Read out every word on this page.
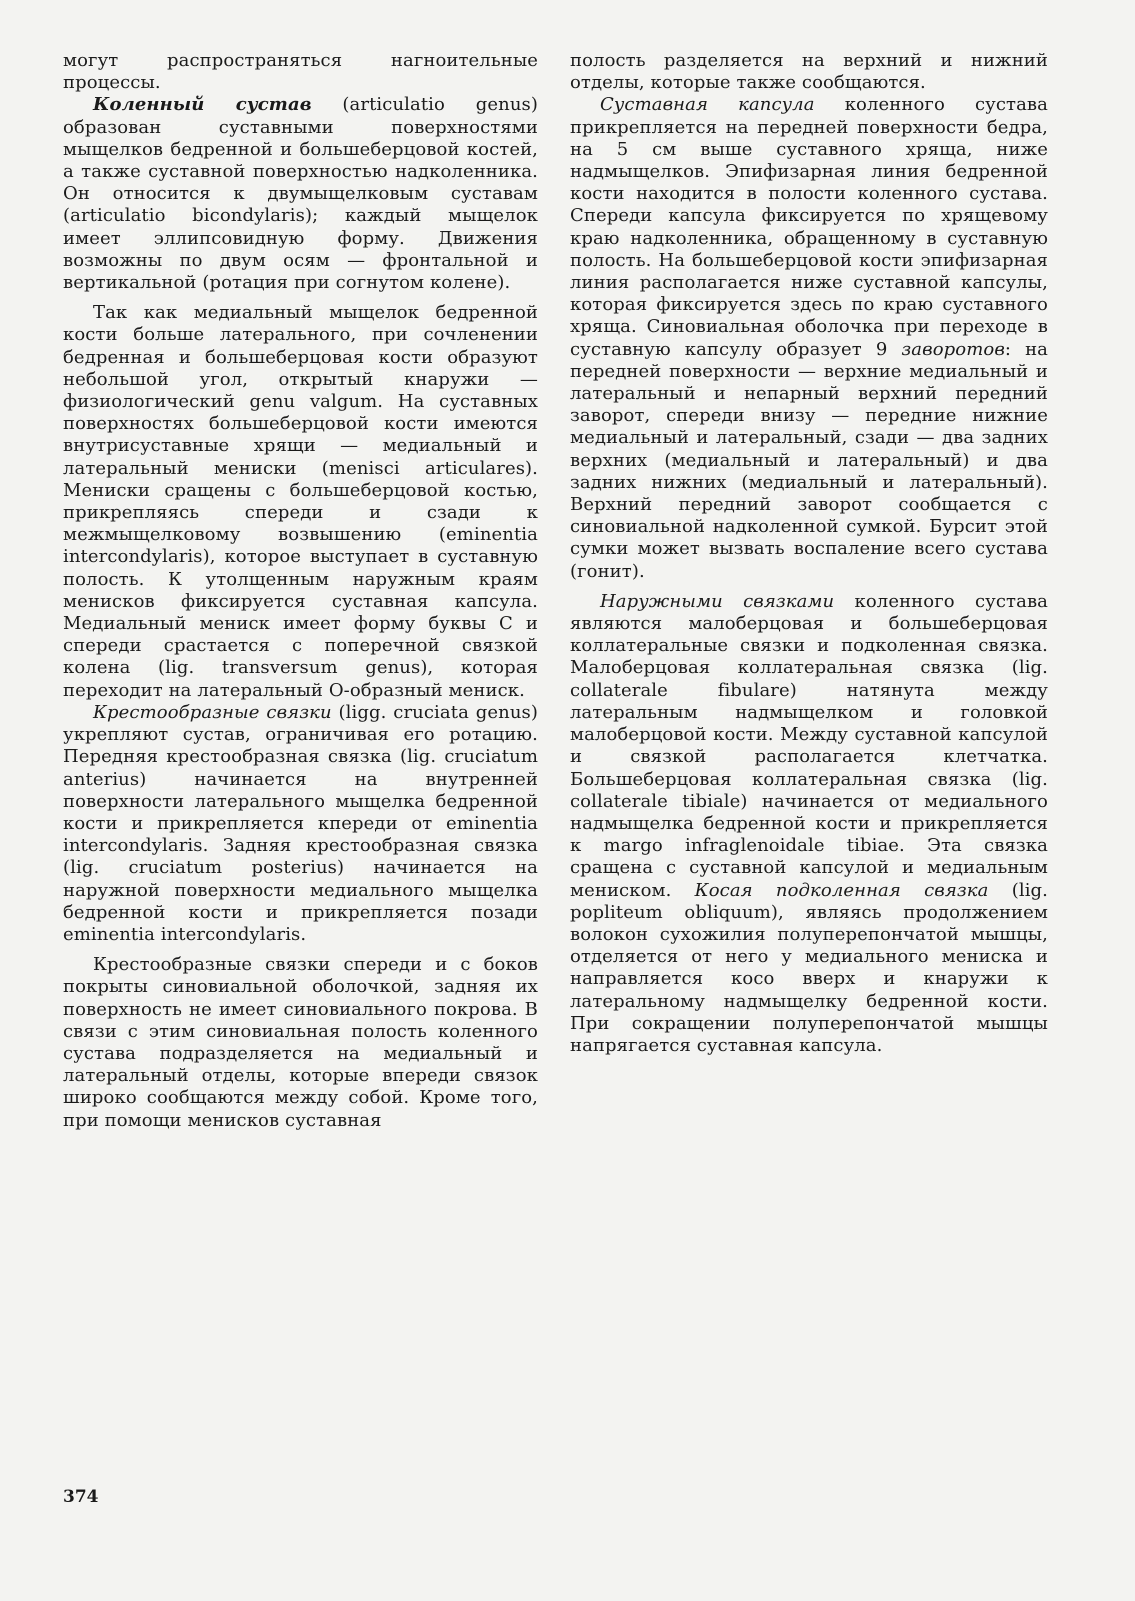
могут распространяться нагноительные процессы.

Коленный сустав (articulatio genus) образован суставными поверхностями мыщелков бедренной и большеберцовой костей, а также суставной поверхностью надколенника. Он относится к двумыщелковым суставам (articulatio bicondylaris); каждый мыщелок имеет эллипсовидную форму. Движения возможны по двум осям — фронтальной и вертикальной (ротация при согнутом колене).

Так как медиальный мыщелок бедренной кости больше латерального, при сочленении бедренная и большеберцовая кости образуют небольшой угол, открытый кнаружи — физиологический genu valgum. На суставных поверхностях большеберцовой кости имеются внутрисуставные хрящи — медиальный и латеральный мениски (menisci articulares). Мениски сращены с большеберцовой костью, прикрепляясь спереди и сзади к межмыщелковому возвышению (eminentia intercondylaris), которое выступает в суставную полость. К утолщенным наружным краям менисков фиксируется суставная капсула. Медиальный мениск имеет форму буквы С и спереди срастается с поперечной связкой колена (lig. transversum genus), которая переходит на латеральный О-образный мениск.

Крестообразные связки (ligg. cruciata genus) укрепляют сустав, ограничивая его ротацию. Передняя крестообразная связка (lig. cruciatum anterius) начинается на внутренней поверхности латерального мыщелка бедренной кости и прикрепляется кпереди от eminentia intercondylaris. Задняя крестообразная связка (lig. cruciatum posterius) начинается на наружной поверхности медиального мыщелка бедренной кости и прикрепляется позади eminentia intercondylaris.

Крестообразные связки спереди и с боков покрыты синовиальной оболочкой, задняя их поверхность не имеет синовиального покрова. В связи с этим синовиальная полость коленного сустава подразделяется на медиальный и латеральный отделы, которые впереди связок широко сообщаются между собой. Кроме того, при помощи менисков суставная

полость разделяется на верхний и нижний отделы, которые также сообщаются.

Суставная капсула коленного сустава прикрепляется на передней поверхности бедра, на 5 см выше суставного хряща, ниже надмыщелков. Эпифизарная линия бедренной кости находится в полости коленного сустава. Спереди капсула фиксируется по хрящевому краю надколенника, обращенному в суставную полость. На большеберцовой кости эпифизарная линия располагается ниже суставной капсулы, которая фиксируется здесь по краю суставного хряща. Синовиальная оболочка при переходе в суставную капсулу образует 9 заворотов: на передней поверхности — верхние медиальный и латеральный и непарный верхний передний заворот, спереди внизу — передние нижние медиальный и латеральный, сзади — два задних верхних (медиальный и латеральный) и два задних нижних (медиальный и латеральный). Верхний передний заворот сообщается с синовиальной надколенной сумкой. Бурсит этой сумки может вызвать воспаление всего сустава (гонит).

Наружными связками коленного сустава являются малоберцовая и большеберцовая коллатеральные связки и подколенная связка. Малоберцовая коллатеральная связка (lig. collaterale fibulare) натянута между латеральным надмыщелком и головкой малоберцовой кости. Между суставной капсулой и связкой располагается клетчатка. Большеберцовая коллатеральная связка (lig. collaterale tibiale) начинается от медиального надмыщелка бедренной кости и прикрепляется к margo infraglenoidale tibiae. Эта связка сращена с суставной капсулой и медиальным мениском. Косая подколенная связка (lig. popliteum obliquum), являясь продолжением волокон сухожилия полуперепончатой мышцы, отделяется от него у медиального мениска и направляется косо вверх и кнаружи к латеральному надмыщелку бедренной кости. При сокращении полуперепончатой мышцы напрягается суставная капсула.

374
